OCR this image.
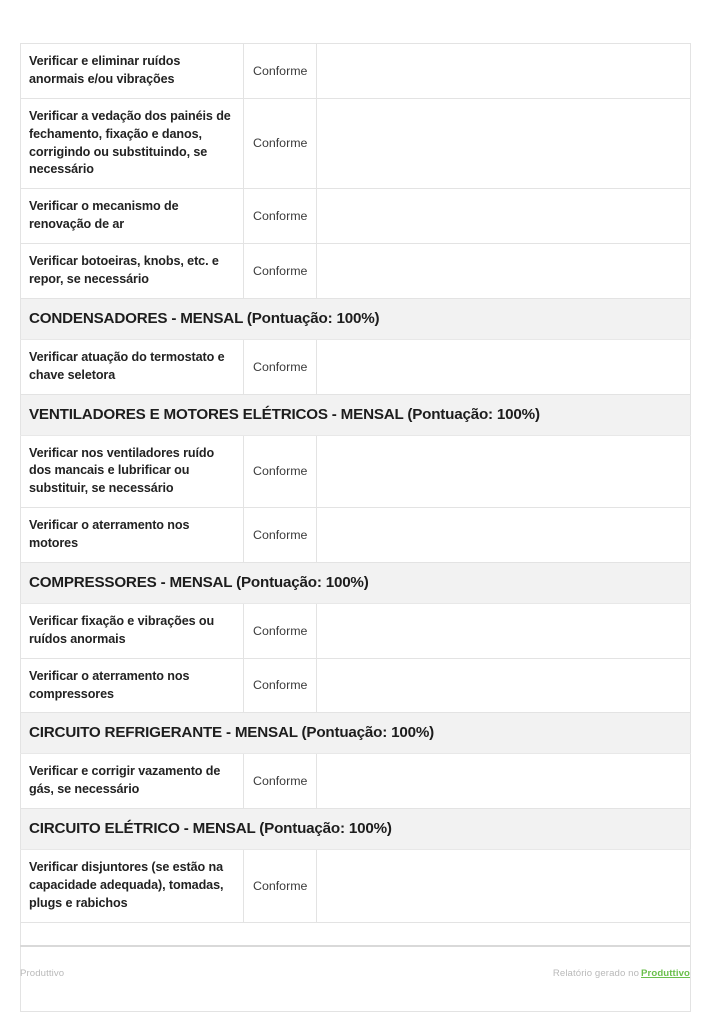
Verificar e eliminar ruídos anormais e/ou vibrações	Conforme	
Verificar a vedação dos painéis de fechamento, fixação e danos, corrigindo ou substituindo, se necessário	Conforme	
Verificar o mecanismo de renovação de ar	Conforme	
Verificar botoeiras, knobs, etc. e repor, se necessário	Conforme	
CONDENSADORES - MENSAL (Pontuação: 100%)		
Verificar atuação do termostato e chave seletora	Conforme	
VENTILADORES E MOTORES ELÉTRICOS - MENSAL (Pontuação: 100%)		
Verificar nos ventiladores ruído dos mancais e lubrificar ou substituir, se necessário	Conforme	
Verificar o aterramento nos motores	Conforme	
COMPRESSORES - MENSAL (Pontuação: 100%)		
Verificar fixação e vibrações ou ruídos anormais	Conforme	
Verificar o aterramento nos compressores	Conforme	
CIRCUITO REFRIGERANTE - MENSAL (Pontuação: 100%)		
Verificar e corrigir vazamento de gás, se necessário	Conforme	
CIRCUITO ELÉTRICO - MENSAL (Pontuação: 100%)		
Verificar disjuntores (se estão na capacidade adequada), tomadas, plugs e rabichos	Conforme	

Produttivo	Relatório gerado no Produttivo
